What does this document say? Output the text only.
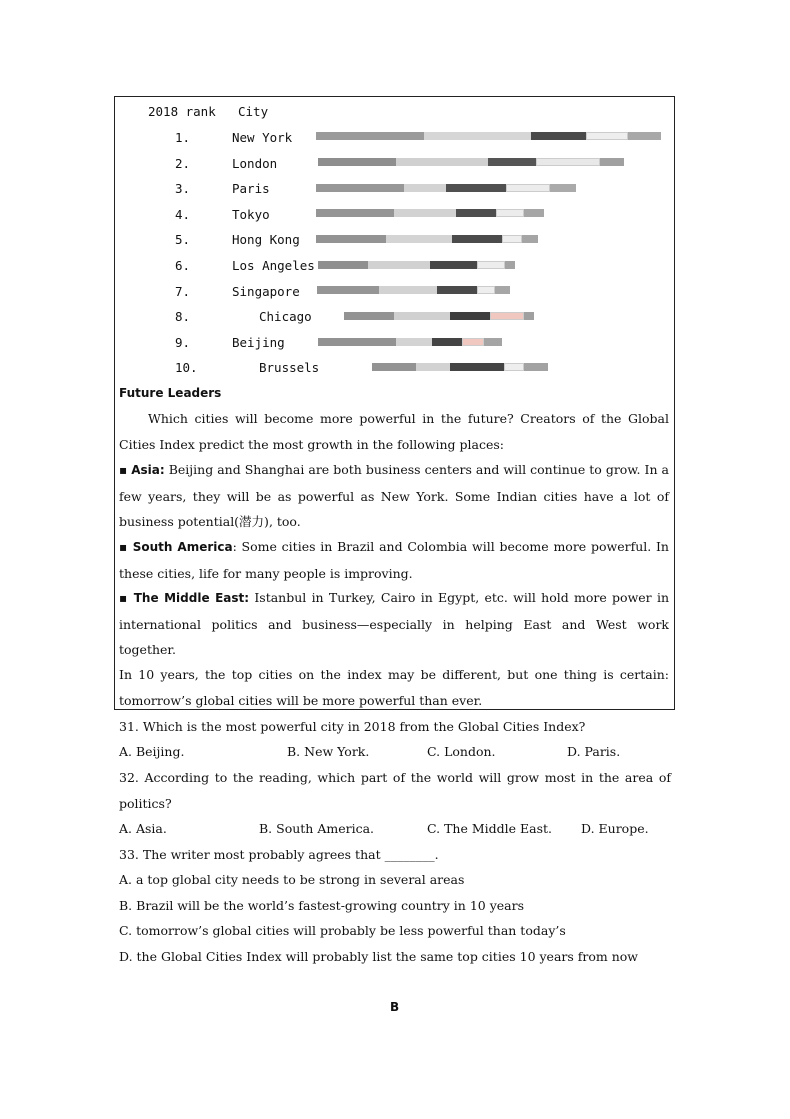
2018 rank City
1.	New York
2.	London
3.	Paris
4.	Tokyo
5.	Hong Kong
6.	Los Angeles
7.	Singapore
8.	Chicago
9.	Beijing
10.	Brussels
Future Leaders
Which cities will become more powerful in the future? Creators of the Global Cities Index predict the most growth in the following places:
▪ Asia: Beijing and Shanghai are both business centers and will continue to grow. In a few years, they will be as powerful as New York. Some Indian cities have a lot of business potential(潜力), too.
▪ South America: Some cities in Brazil and Colombia will become more powerful. In these cities, life for many people is improving.
▪ The Middle East: Istanbul in Turkey, Cairo in Egypt, etc. will hold more power in international politics and business—especially in helping East and West work together.
In 10 years, the top cities on the index may be different, but one thing is certain: tomorrow’s global cities will be more powerful than ever.
31. Which is the most powerful city in 2018 from the Global Cities Index?
A. Beijing.	B. New York.	C. London.	D. Paris.
32. According to the reading, which part of the world will grow most in the area of politics?
A. Asia.	B. South America.	C. The Middle East. D. Europe.
33. The writer most probably agrees that ________.
A. a top global city needs to be strong in several areas
B. Brazil will be the world’s fastest-growing country in 10 years
C. tomorrow’s global cities will probably be less powerful than today’s
D. the Global Cities Index will probably list the same top cities 10 years from now
B
